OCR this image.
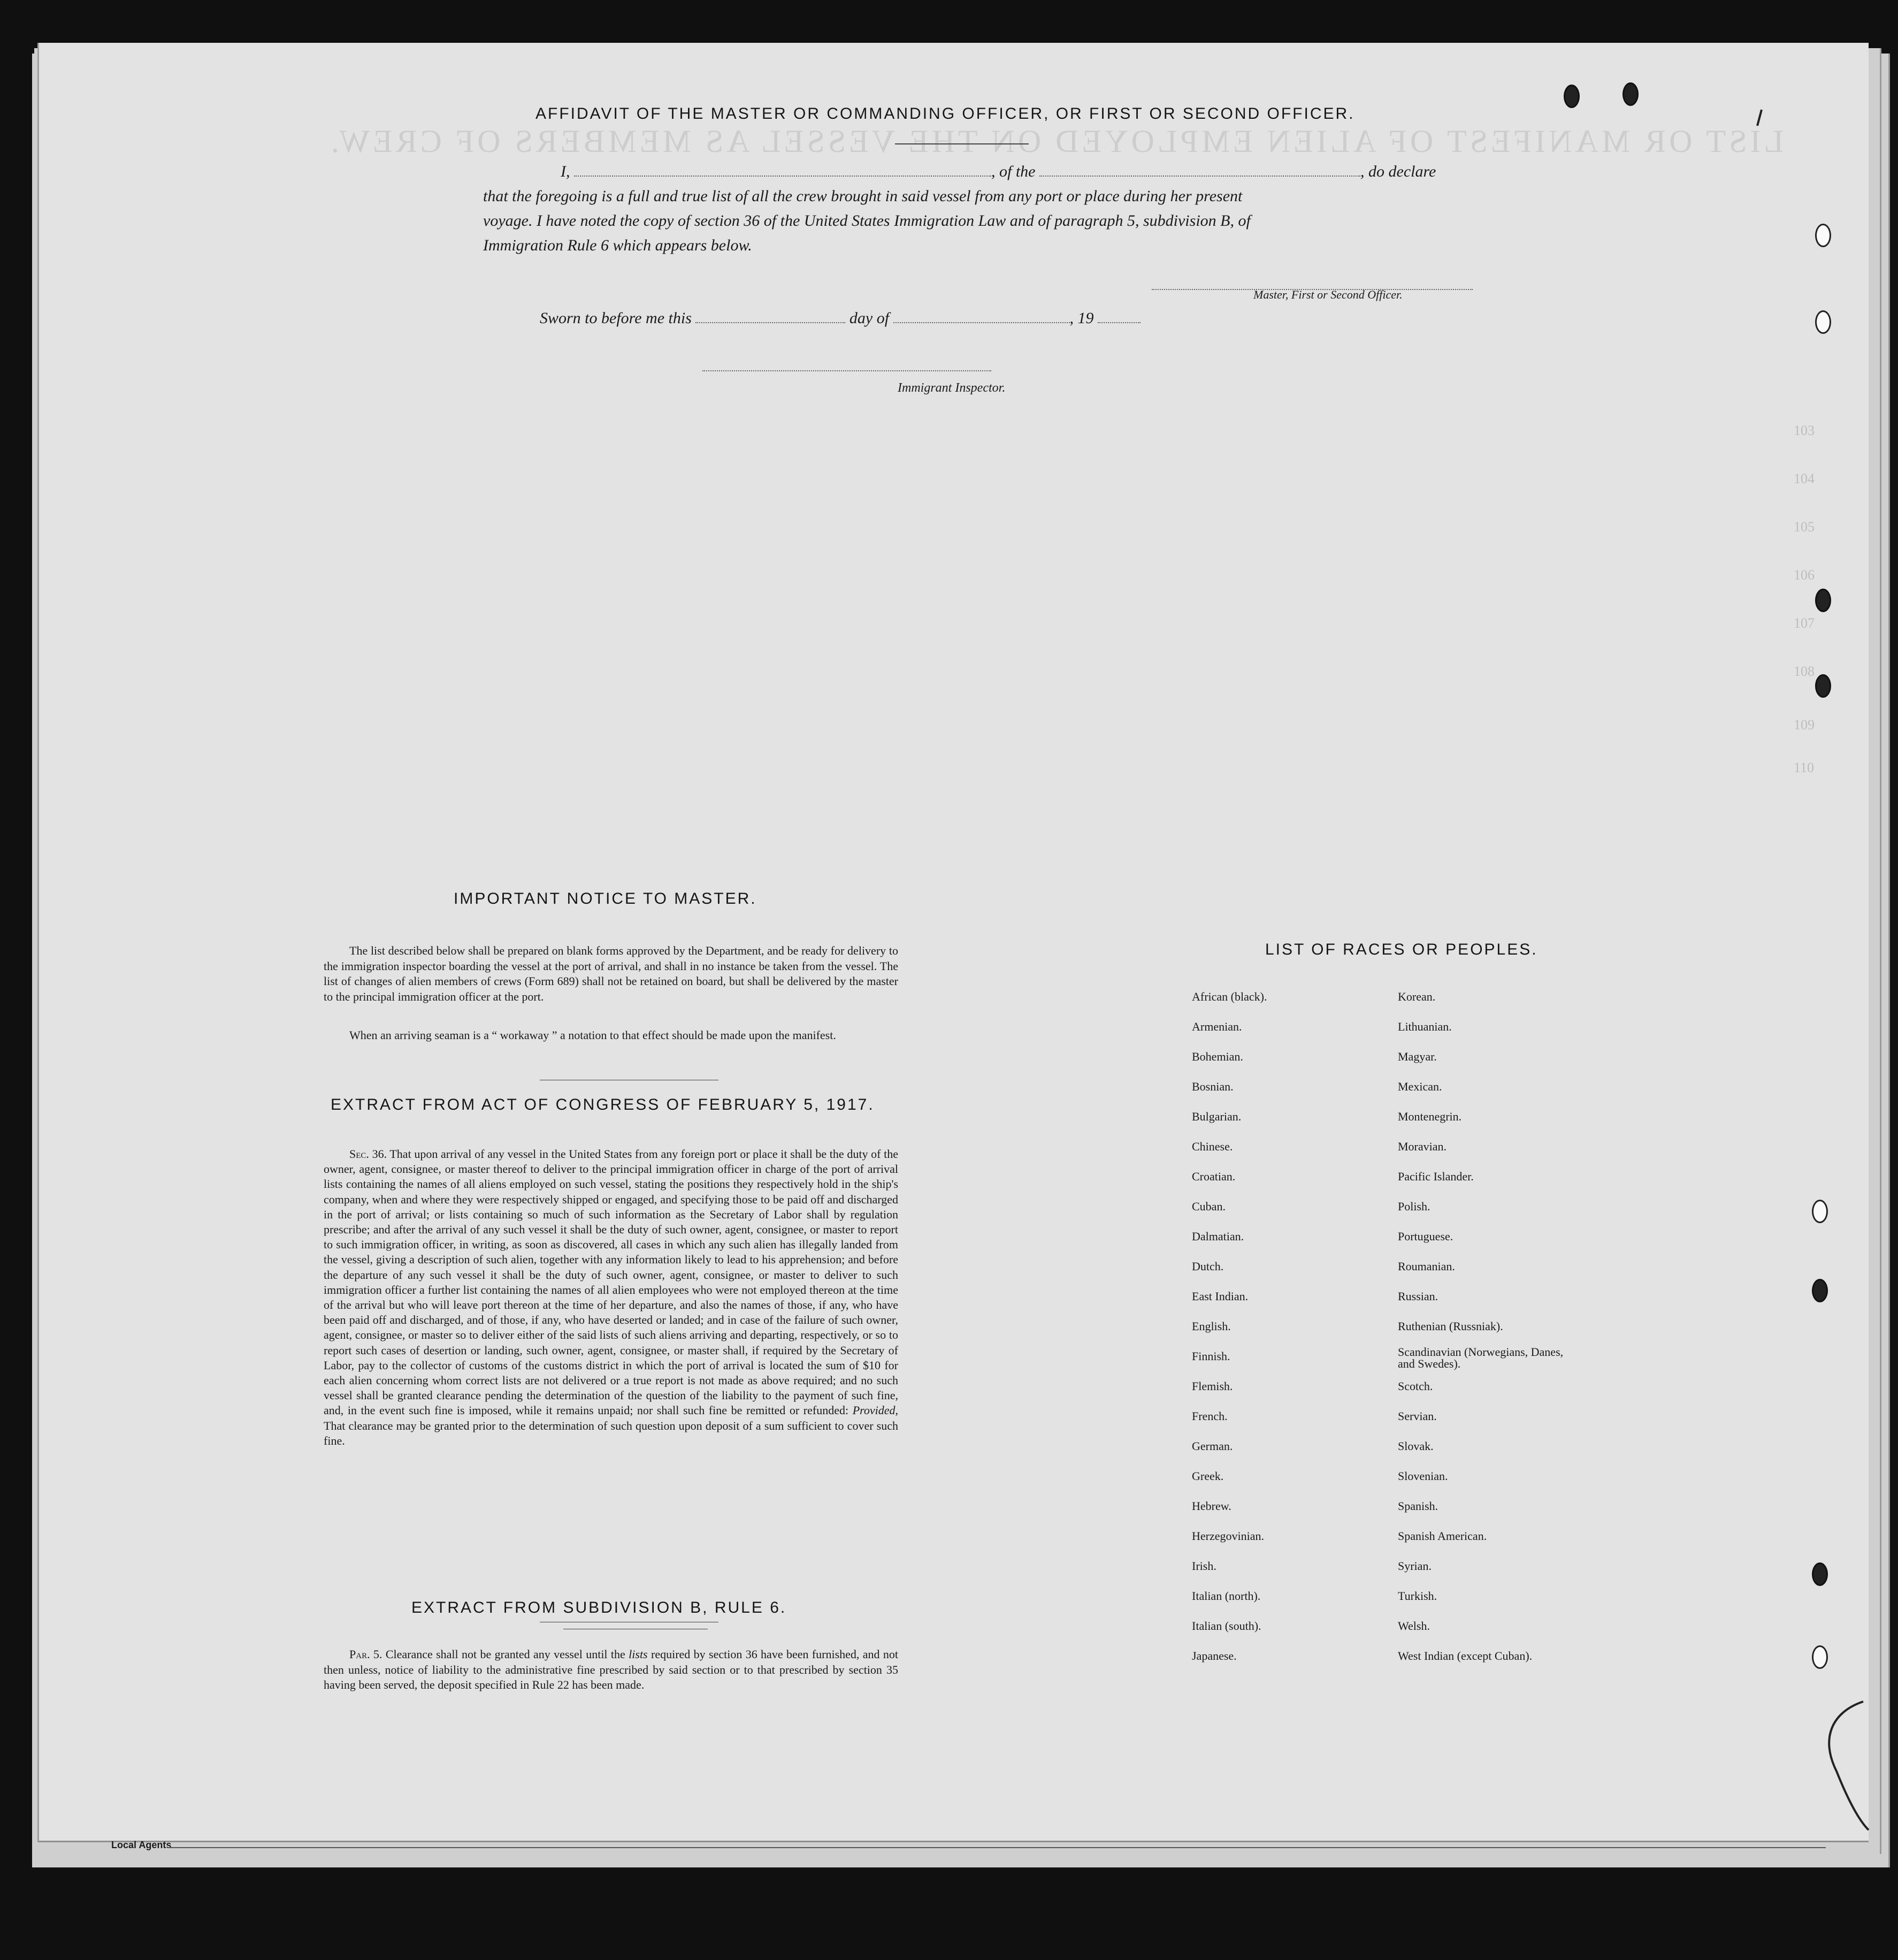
LIST OR MANIFEST OF ALIEN EMPLOYED ON THE VESSEL AS MEMBERS OF CREW.
103
104
105
106
107
108
109
110
AFFIDAVIT OF THE MASTER OR COMMANDING OFFICER, OR FIRST OR SECOND OFFICER.
I,	, of the	, do declare
that the foregoing is a full and true list of all the crew brought in said vessel from any port or place during her present
voyage. I have noted the copy of section 36 of the United States Immigration Law and of paragraph 5, subdivision B, of
Immigration Rule 6 which appears below.
Master, First or Second Officer.
Sworn to before me this	day of	, 19
Immigrant Inspector.
IMPORTANT NOTICE TO MASTER.

The list described below shall be prepared on blank forms approved by the Department, and be ready for delivery to the immigration inspector boarding the vessel at the port of arrival, and shall in no instance be taken from the vessel. The list of changes of alien members of crews (Form 689) shall not be retained on board, but shall be delivered by the master to the principal immigration officer at the port.

When an arriving seaman is a “ workaway ” a notation to that effect should be made upon the manifest.

EXTRACT FROM ACT OF CONGRESS OF FEBRUARY 5, 1917.

Sec. 36. That upon arrival of any vessel in the United States from any foreign port or place it shall be the duty of the owner, agent, consignee, or master thereof to deliver to the principal immigration officer in charge of the port of arrival lists containing the names of all aliens employed on such vessel, stating the positions they respectively hold in the ship's company, when and where they were respectively shipped or engaged, and specifying those to be paid off and discharged in the port of arrival; or lists containing so much of such information as the Secretary of Labor shall by regulation prescribe; and after the arrival of any such vessel it shall be the duty of such owner, agent, consignee, or master to report to such immigration officer, in writing, as soon as discovered, all cases in which any such alien has illegally landed from the vessel, giving a description of such alien, together with any information likely to lead to his apprehension; and before the departure of any such vessel it shall be the duty of such owner, agent, consignee, or master to deliver to such immigration officer a further list containing the names of all alien employees who were not employed thereon at the time of the arrival but who will leave port thereon at the time of her departure, and also the names of those, if any, who have been paid off and discharged, and of those, if any, who have deserted or landed; and in case of the failure of such owner, agent, consignee, or master so to deliver either of the said lists of such aliens arriving and departing, respectively, or so to report such cases of desertion or landing, such owner, agent, consignee, or master shall, if required by the Secretary of Labor, pay to the collector of customs of the customs district in which the port of arrival is located the sum of $10 for each alien concerning whom correct lists are not delivered or a true report is not made as above required; and no such vessel shall be granted clearance pending the determination of the question of the liability to the payment of such fine, and, in the event such fine is imposed, while it remains unpaid; nor shall such fine be remitted or refunded: Provided, That clearance may be granted prior to the determination of such question upon deposit of a sum sufficient to cover such fine.

EXTRACT FROM SUBDIVISION B, RULE 6.

Par. 5. Clearance shall not be granted any vessel until the lists required by section 36 have been furnished, and not then unless, notice of liability to the administrative fine prescribed by said section or to that prescribed by section 35 having been served, the deposit specified in Rule 22 has been made.

LIST OF RACES OR PEOPLES.
African (black).
Armenian.
Bohemian.
Bosnian.
Bulgarian.
Chinese.
Croatian.
Cuban.
Dalmatian.
Dutch.
East Indian.
English.
Finnish.
Flemish.
French.
German.
Greek.
Hebrew.
Herzegovinian.
Irish.
Italian (north).
Italian (south).
Japanese.
Korean.
Lithuanian.
Magyar.
Mexican.
Montenegrin.
Moravian.
Pacific Islander.
Polish.
Portuguese.
Roumanian.
Russian.
Ruthenian (Russniak).
Scandinavian (Norwegians, Danes, and Swedes).
Scotch.
Servian.
Slovak.
Slovenian.
Spanish.
Spanish American.
Syrian.
Turkish.
Welsh.
West Indian (except Cuban).
Local Agents
